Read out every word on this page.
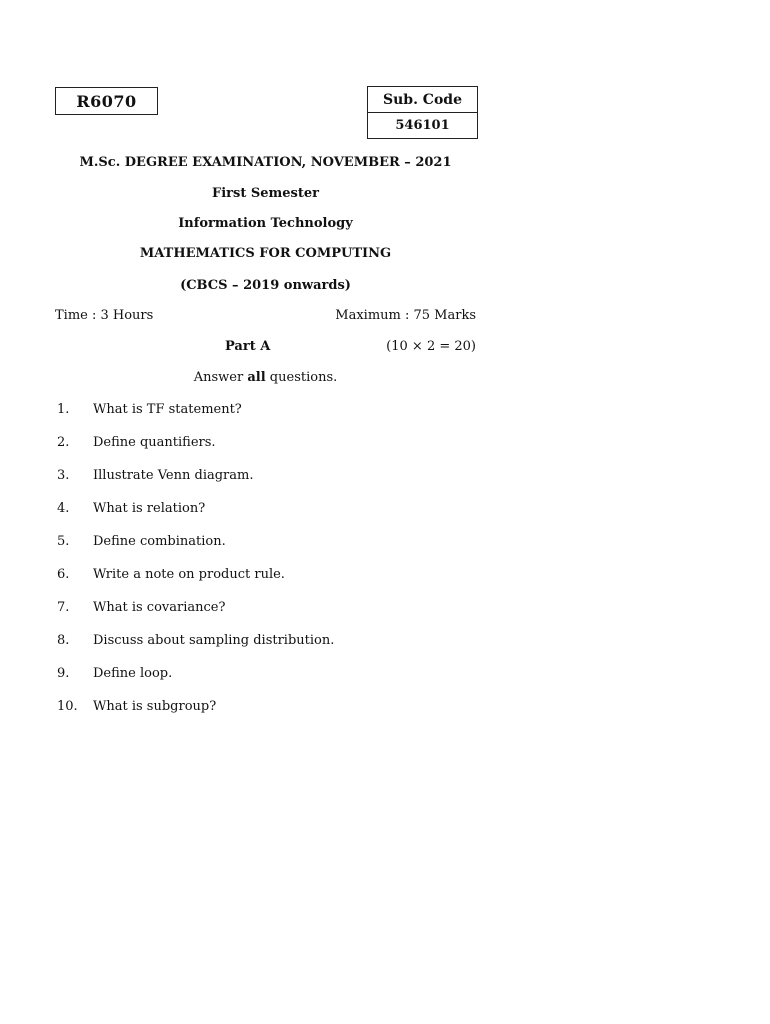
R6070	Sub. Code
546101
M.Sc. DEGREE EXAMINATION, NOVEMBER – 2021
First Semester
Information Technology
MATHEMATICS FOR COMPUTING
(CBCS – 2019 onwards)
Time : 3 Hours	Maximum : 75 Marks
Part A	(10 × 2 = 20)
Answer all questions.
1. What is TF statement?
2. Define quantifiers.
3. Illustrate Venn diagram.
4. What is relation?
5. Define combination.
6. Write a note on product rule.
7. What is covariance?
8. Discuss about sampling distribution.
9. Define loop.
10. What is subgroup?
